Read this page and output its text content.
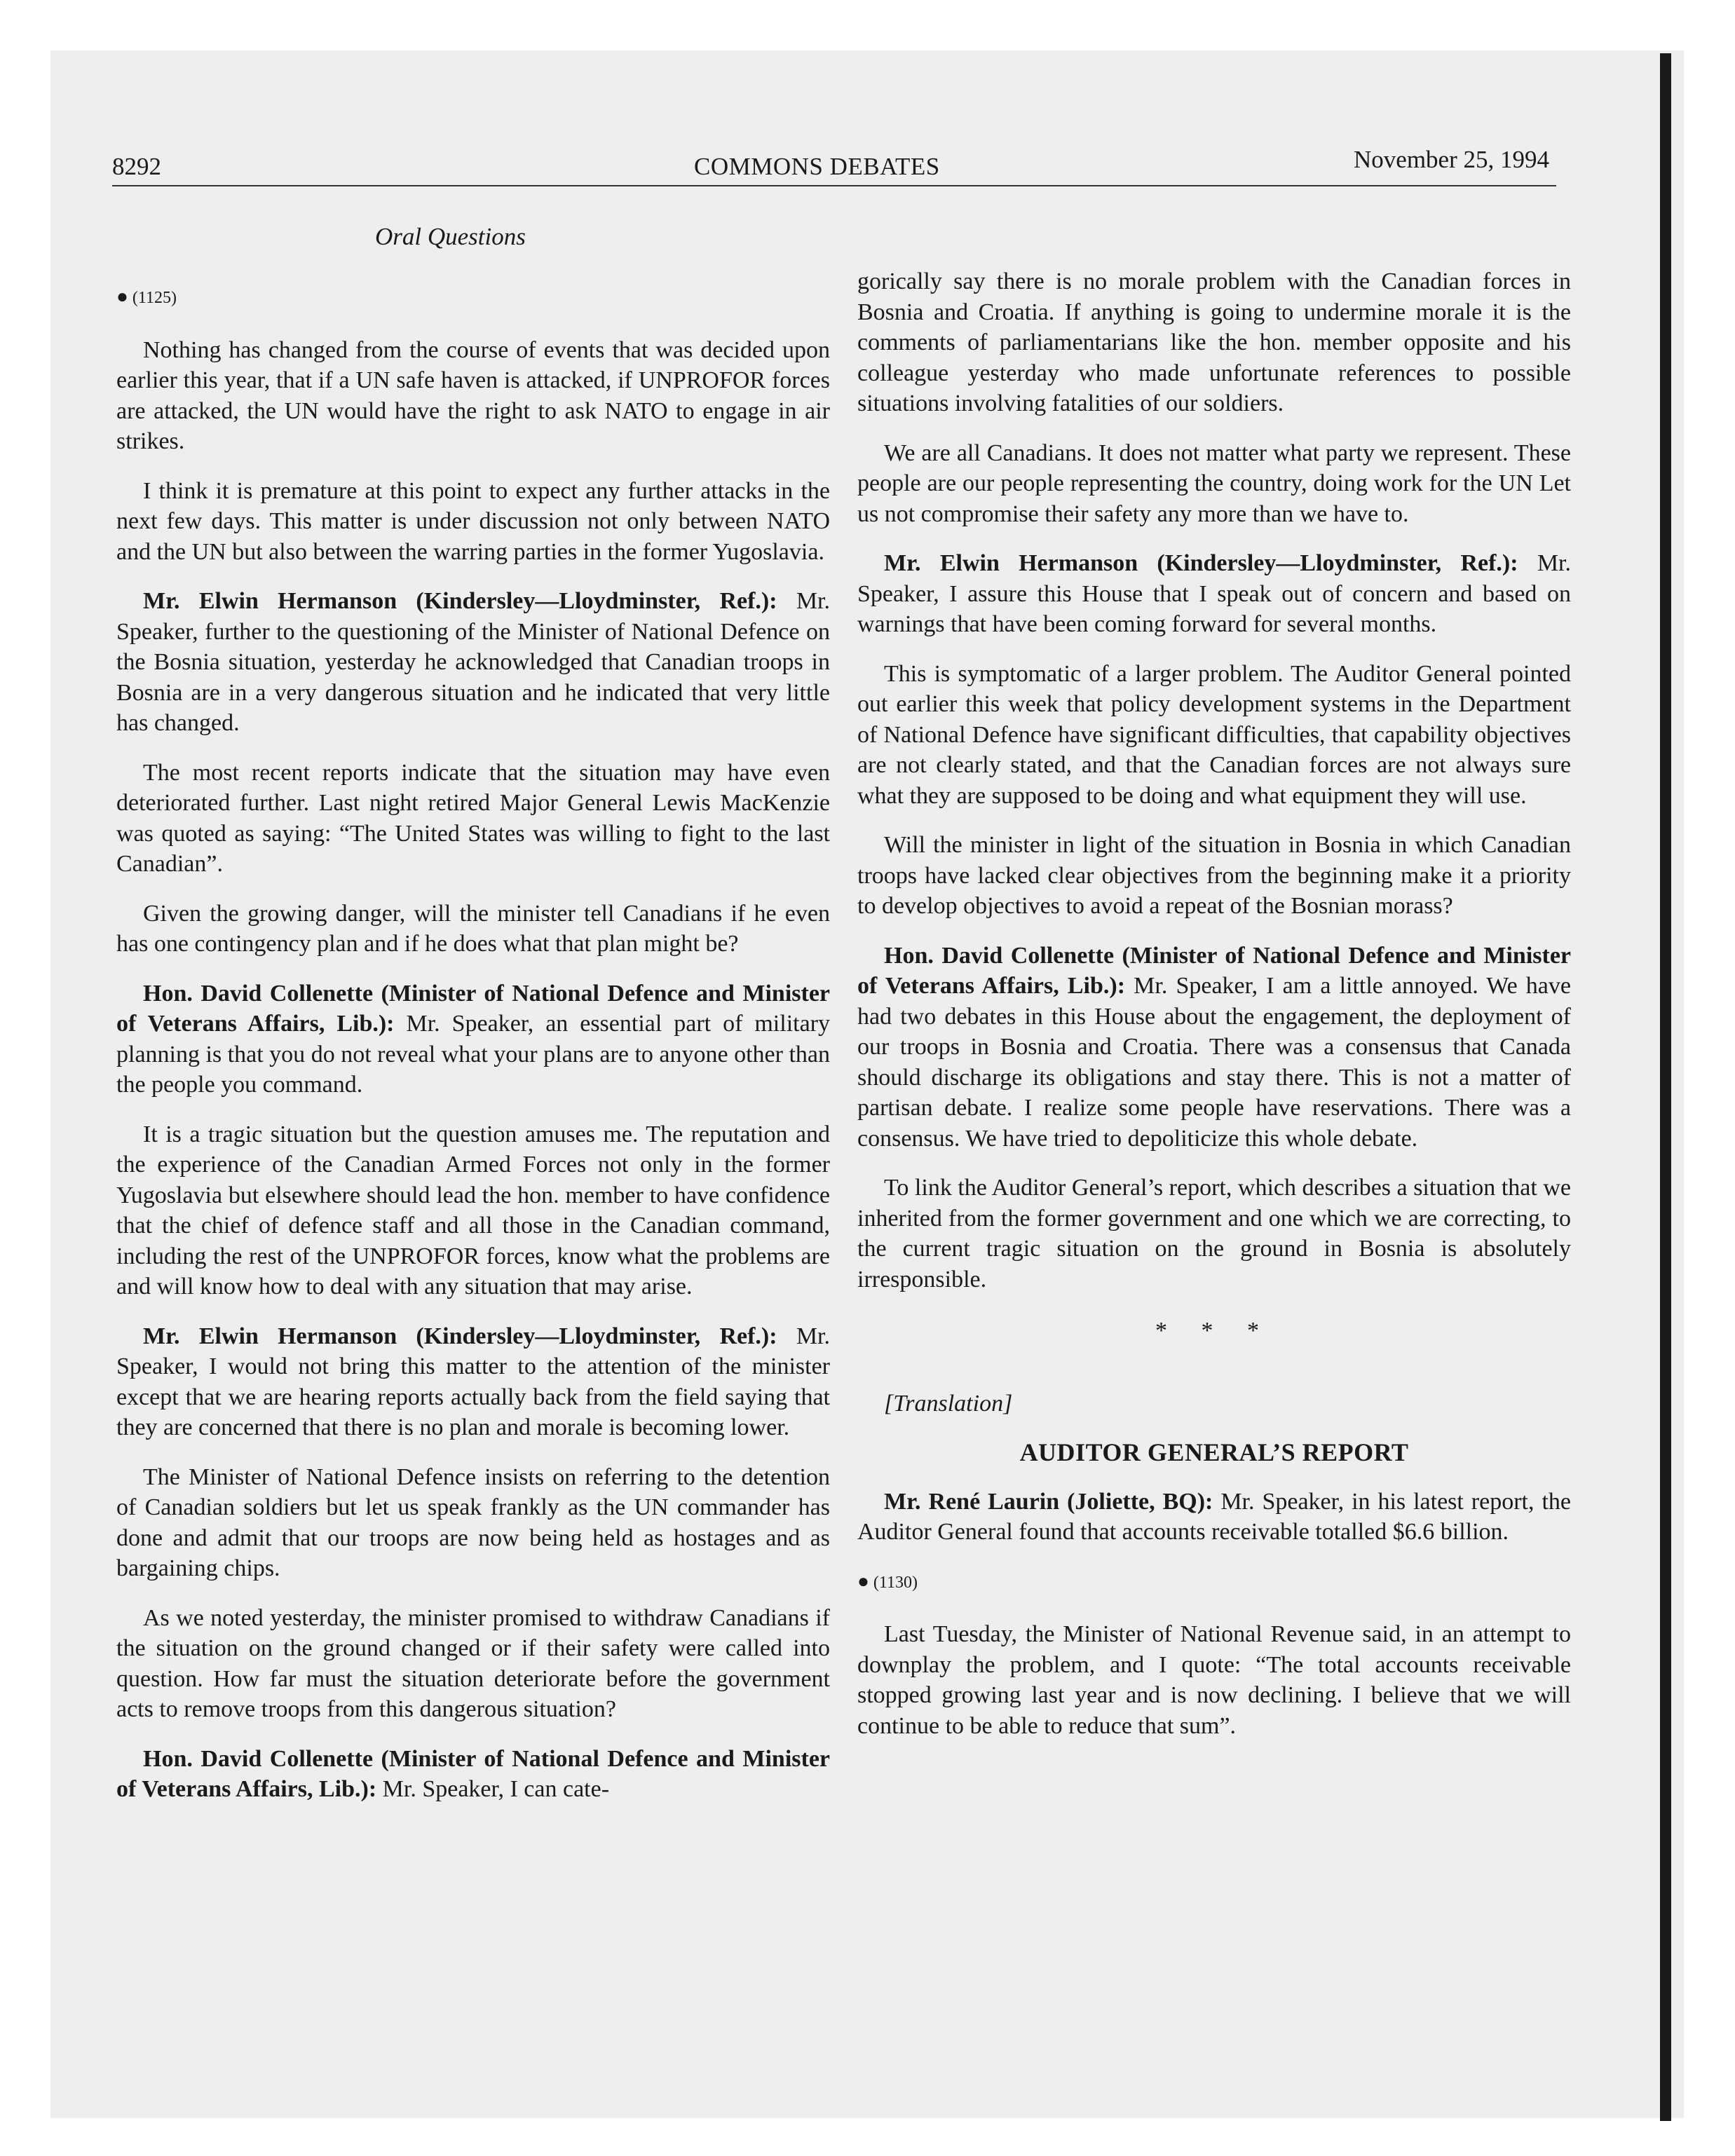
8292	COMMONS DEBATES	November 25, 1994
Oral Questions
● (1125)

Nothing has changed from the course of events that was decided upon earlier this year, that if a UN safe haven is attacked, if UNPROFOR forces are attacked, the UN would have the right to ask NATO to engage in air strikes.

I think it is premature at this point to expect any further attacks in the next few days. This matter is under discussion not only between NATO and the UN but also between the warring parties in the former Yugoslavia.

Mr. Elwin Hermanson (Kindersley—Lloydminster, Ref.): Mr. Speaker, further to the questioning of the Minister of National Defence on the Bosnia situation, yesterday he acknowledged that Canadian troops in Bosnia are in a very dangerous situation and he indicated that very little has changed.

The most recent reports indicate that the situation may have even deteriorated further. Last night retired Major General Lewis MacKenzie was quoted as saying: “The United States was willing to fight to the last Canadian”.

Given the growing danger, will the minister tell Canadians if he even has one contingency plan and if he does what that plan might be?

Hon. David Collenette (Minister of National Defence and Minister of Veterans Affairs, Lib.): Mr. Speaker, an essential part of military planning is that you do not reveal what your plans are to anyone other than the people you command.

It is a tragic situation but the question amuses me. The reputation and the experience of the Canadian Armed Forces not only in the former Yugoslavia but elsewhere should lead the hon. member to have confidence that the chief of defence staff and all those in the Canadian command, including the rest of the UNPROFOR forces, know what the problems are and will know how to deal with any situation that may arise.

Mr. Elwin Hermanson (Kindersley—Lloydminster, Ref.): Mr. Speaker, I would not bring this matter to the attention of the minister except that we are hearing reports actually back from the field saying that they are concerned that there is no plan and morale is becoming lower.

The Minister of National Defence insists on referring to the detention of Canadian soldiers but let us speak frankly as the UN commander has done and admit that our troops are now being held as hostages and as bargaining chips.

As we noted yesterday, the minister promised to withdraw Canadians if the situation on the ground changed or if their safety were called into question. How far must the situation deteriorate before the government acts to remove troops from this dangerous situation?

Hon. David Collenette (Minister of National Defence and Minister of Veterans Affairs, Lib.): Mr. Speaker, I can cate-

gorically say there is no morale problem with the Canadian forces in Bosnia and Croatia. If anything is going to undermine morale it is the comments of parliamentarians like the hon. member opposite and his colleague yesterday who made unfortunate references to possible situations involving fatalities of our soldiers.

We are all Canadians. It does not matter what party we represent. These people are our people representing the country, doing work for the UN Let us not compromise their safety any more than we have to.

Mr. Elwin Hermanson (Kindersley—Lloydminster, Ref.): Mr. Speaker, I assure this House that I speak out of concern and based on warnings that have been coming forward for several months.

This is symptomatic of a larger problem. The Auditor General pointed out earlier this week that policy development systems in the Department of National Defence have significant difficulties, that capability objectives are not clearly stated, and that the Canadian forces are not always sure what they are supposed to be doing and what equipment they will use.

Will the minister in light of the situation in Bosnia in which Canadian troops have lacked clear objectives from the beginning make it a priority to develop objectives to avoid a repeat of the Bosnian morass?

Hon. David Collenette (Minister of National Defence and Minister of Veterans Affairs, Lib.): Mr. Speaker, I am a little annoyed. We have had two debates in this House about the engagement, the deployment of our troops in Bosnia and Croatia. There was a consensus that Canada should discharge its obligations and stay there. This is not a matter of partisan debate. I realize some people have reservations. There was a consensus. We have tried to depoliticize this whole debate.

To link the Auditor General’s report, which describes a situation that we inherited from the former government and one which we are correcting, to the current tragic situation on the ground in Bosnia is absolutely irresponsible.

* * *

[Translation]

AUDITOR GENERAL’S REPORT

Mr. René Laurin (Joliette, BQ): Mr. Speaker, in his latest report, the Auditor General found that accounts receivable totalled $6.6 billion.

● (1130)

Last Tuesday, the Minister of National Revenue said, in an attempt to downplay the problem, and I quote: “The total accounts receivable stopped growing last year and is now declining. I believe that we will continue to be able to reduce that sum”.
